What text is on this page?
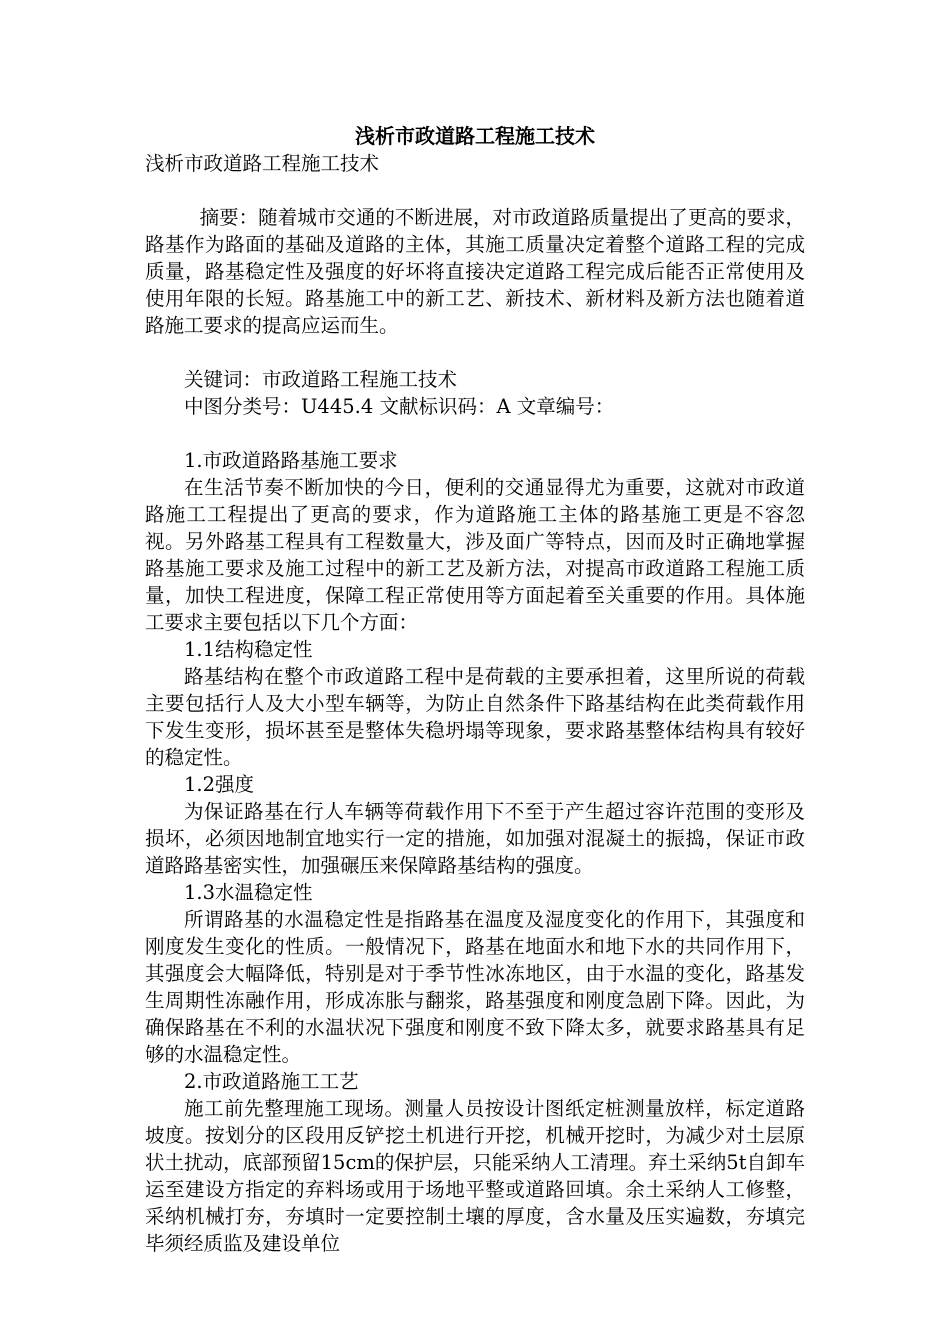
浅析市政道路工程施工技术

浅析市政道路工程施工技术

摘要：随着城市交通的不断进展，对市政道路质量提出了更高的要求，路基作为路面的基础及道路的主体，其施工质量决定着整个道路工程的完成质量，路基稳定性及强度的好坏将直接决定道路工程完成后能否正常使用及使用年限的长短。路基施工中的新工艺、新技术、新材料及新方法也随着道路施工要求的提高应运而生。

关键词：市政道路工程施工技术

中图分类号：U445.4 文献标识码：A 文章编号：

1.市政道路路基施工要求

在生活节奏不断加快的今日，便利的交通显得尤为重要，这就对市政道路施工工程提出了更高的要求，作为道路施工主体的路基施工更是不容忽视。另外路基工程具有工程数量大，涉及面广等特点，因而及时正确地掌握路基施工要求及施工过程中的新工艺及新方法，对提高市政道路工程施工质量，加快工程进度，保障工程正常使用等方面起着至关重要的作用。具体施工要求主要包括以下几个方面：

1.1结构稳定性

路基结构在整个市政道路工程中是荷载的主要承担着，这里所说的荷载主要包括行人及大小型车辆等，为防止自然条件下路基结构在此类荷载作用下发生变形，损坏甚至是整体失稳坍塌等现象，要求路基整体结构具有较好的稳定性。

1.2强度

为保证路基在行人车辆等荷载作用下不至于产生超过容许范围的变形及损坏，必须因地制宜地实行一定的措施，如加强对混凝土的振捣，保证市政道路路基密实性，加强碾压来保障路基结构的强度。

1.3水温稳定性

所谓路基的水温稳定性是指路基在温度及湿度变化的作用下，其强度和刚度发生变化的性质。一般情况下，路基在地面水和地下水的共同作用下，其强度会大幅降低，特别是对于季节性冰冻地区，由于水温的变化，路基发生周期性冻融作用，形成冻胀与翻浆，路基强度和刚度急剧下降。因此，为确保路基在不利的水温状况下强度和刚度不致下降太多，就要求路基具有足够的水温稳定性。

2.市政道路施工工艺

施工前先整理施工现场。测量人员按设计图纸定桩测量放样，标定道路坡度。按划分的区段用反铲挖土机进行开挖，机械开挖时，为减少对土层原状土扰动，底部预留15cm的保护层，只能采纳人工清理。弃土采纳5t自卸车运至建设方指定的弃料场或用于场地平整或道路回填。余土采纳人工修整，采纳机械打夯，夯填时一定要控制土壤的厚度，含水量及压实遍数，夯填完毕须经质监及建设单位
